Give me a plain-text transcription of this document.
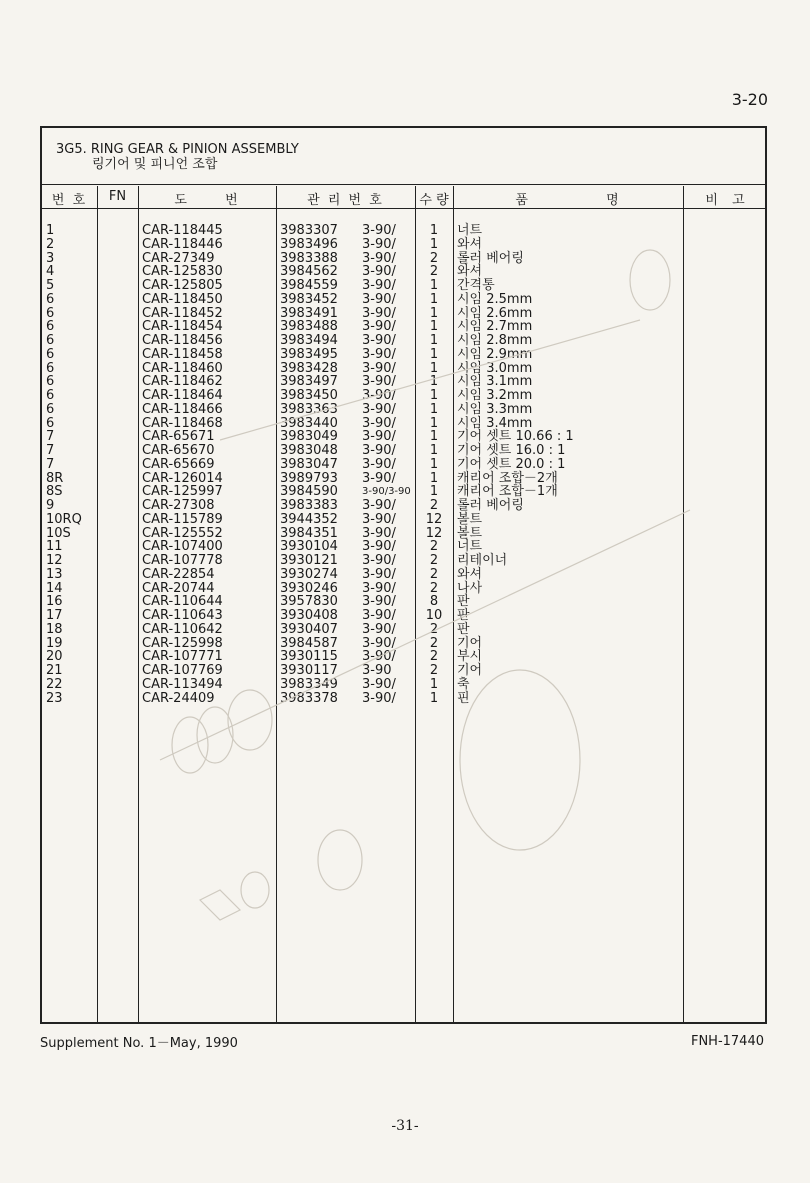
3-20
3G5. RING GEAR & PINION ASSEMBLY
링기어 및 피니언 조합
번 호	FN	도 번	관 리 번 호	수 량	품 명	비 고
1	CAR-118445	3983307 3-90/	1	너트
2	CAR-118446	3983496 3-90/	1	와셔
3	CAR-27349	3983388 3-90/	2	롤러 베어링
4	CAR-125830	3984562 3-90/	2	와셔
5	CAR-125805	3984559 3-90/	1	간격통
6	CAR-118450	3983452 3-90/	1	시임 2.5mm
6	CAR-118452	3983491 3-90/	1	시임 2.6mm
6	CAR-118454	3983488 3-90/	1	시임 2.7mm
6	CAR-118456	3983494 3-90/	1	시임 2.8mm
6	CAR-118458	3983495 3-90/	1	시임 2.9mm
6	CAR-118460	3983428 3-90/	1	시임 3.0mm
6	CAR-118462	3983497 3-90/	1	시임 3.1mm
6	CAR-118464	3983450 3-90/	1	시임 3.2mm
6	CAR-118466	3983363 3-90/	1	시임 3.3mm
6	CAR-118468	3983440 3-90/	1	시임 3.4mm
7	CAR-65671	3983049 3-90/	1	기어 셋트 10.66 : 1
7	CAR-65670	3983048 3-90/	1	기어 셋트 16.0 : 1
7	CAR-65669	3983047 3-90/	1	기어 셋트 20.0 : 1
8R	CAR-126014	3989793 3-90/	1	캐리어 조합－2개
8S	CAR-125997	3984590 3-90/3-90	1	캐리어 조합－1개
9	CAR-27308	3983383 3-90/	2	롤러 베어링
10RQ	CAR-115789	3944352 3-90/	12	볼트
10S	CAR-125552	3984351 3-90/	12	볼트
11	CAR-107400	3930104 3-90/	2	너트
12	CAR-107778	3930121 3-90/	2	리테이너
13	CAR-22854	3930274 3-90/	2	와셔
14	CAR-20744	3930246 3-90/	2	나사
16	CAR-110644	3957830 3-90/	8	판
17	CAR-110643	3930408 3-90/	10	판
18	CAR-110642	3930407 3-90/	2	판
19	CAR-125998	3984587 3-90/	2	기어
20	CAR-107771	3930115 3-90/	2	부시
21	CAR-107769	3930117 3-90	2	기어
22	CAR-113494	3983349 3-90/	1	축
23	CAR-24409	3983378 3-90/	1	핀
Supplement No. 1－May, 1990	FNH-17440
-31-
